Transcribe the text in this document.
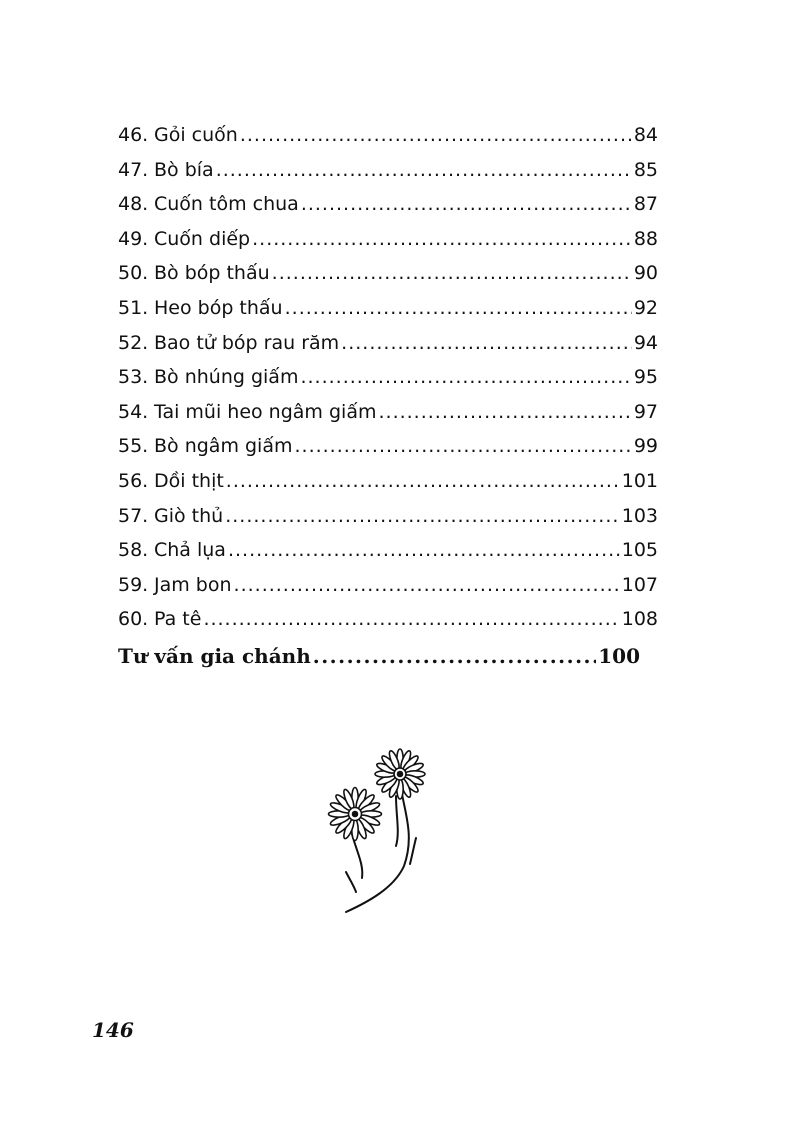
46. Gỏi cuốn .....	84
47. Bò bía .....	85
48. Cuốn tôm chua .....	87
49. Cuốn diếp .....	88
50. Bò bóp thấu .....	90
51. Heo bóp thấu .....	92
52. Bao tử bóp rau răm .....	94
53. Bò nhúng giấm .....	95
54. Tai mũi heo ngâm giấm .....	97
55. Bò ngâm giấm .....	99
56. Dồi thịt .....	101
57. Giò thủ .....	103
58. Chả lụa .....	105
59. Jam bon .....	107
60. Pa tê .....	108
Tư vấn gia chánh .....	100
146
